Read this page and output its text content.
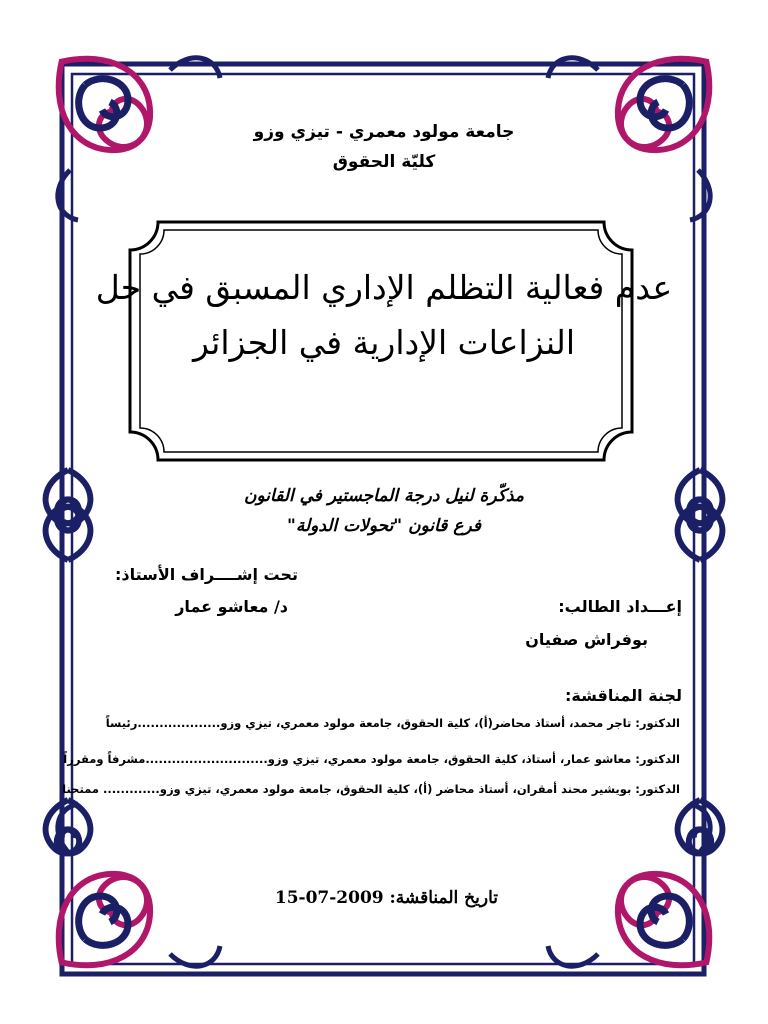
جامعة مولود معمري - تيزي وزو
كليّة الحقوق
عدم فعالية التظلم الإداري المسبق في حل
النزاعات الإدارية في الجزائر
مذكّرة لنيل درجة الماجستير في القانون
فرع قانون "تحولات الدولة"
تحت إشــــراف الأستاذ:
د/ معاشو عمار	إعـــداد الطالب:
بوفراش صفيان
لجنة المناقشة:
الدكتور: تاجر محمد، أستاذ محاضر(أ)، كلية الحقوق، جامعة مولود معمري، تيزي وزو...................رئيساً
الدكتور: معاشو عمار، أستاذ، كلية الحقوق، جامعة مولود معمري، تيزي وزو............................مشرفاً ومقرراً
الدكتور: بويشير محند أمقران، أستاذ محاضر (أ)، كلية الحقوق، جامعة مولود معمري، تيزي وزو............. ممتحنا
تاريخ المناقشة: 15-07-2009
